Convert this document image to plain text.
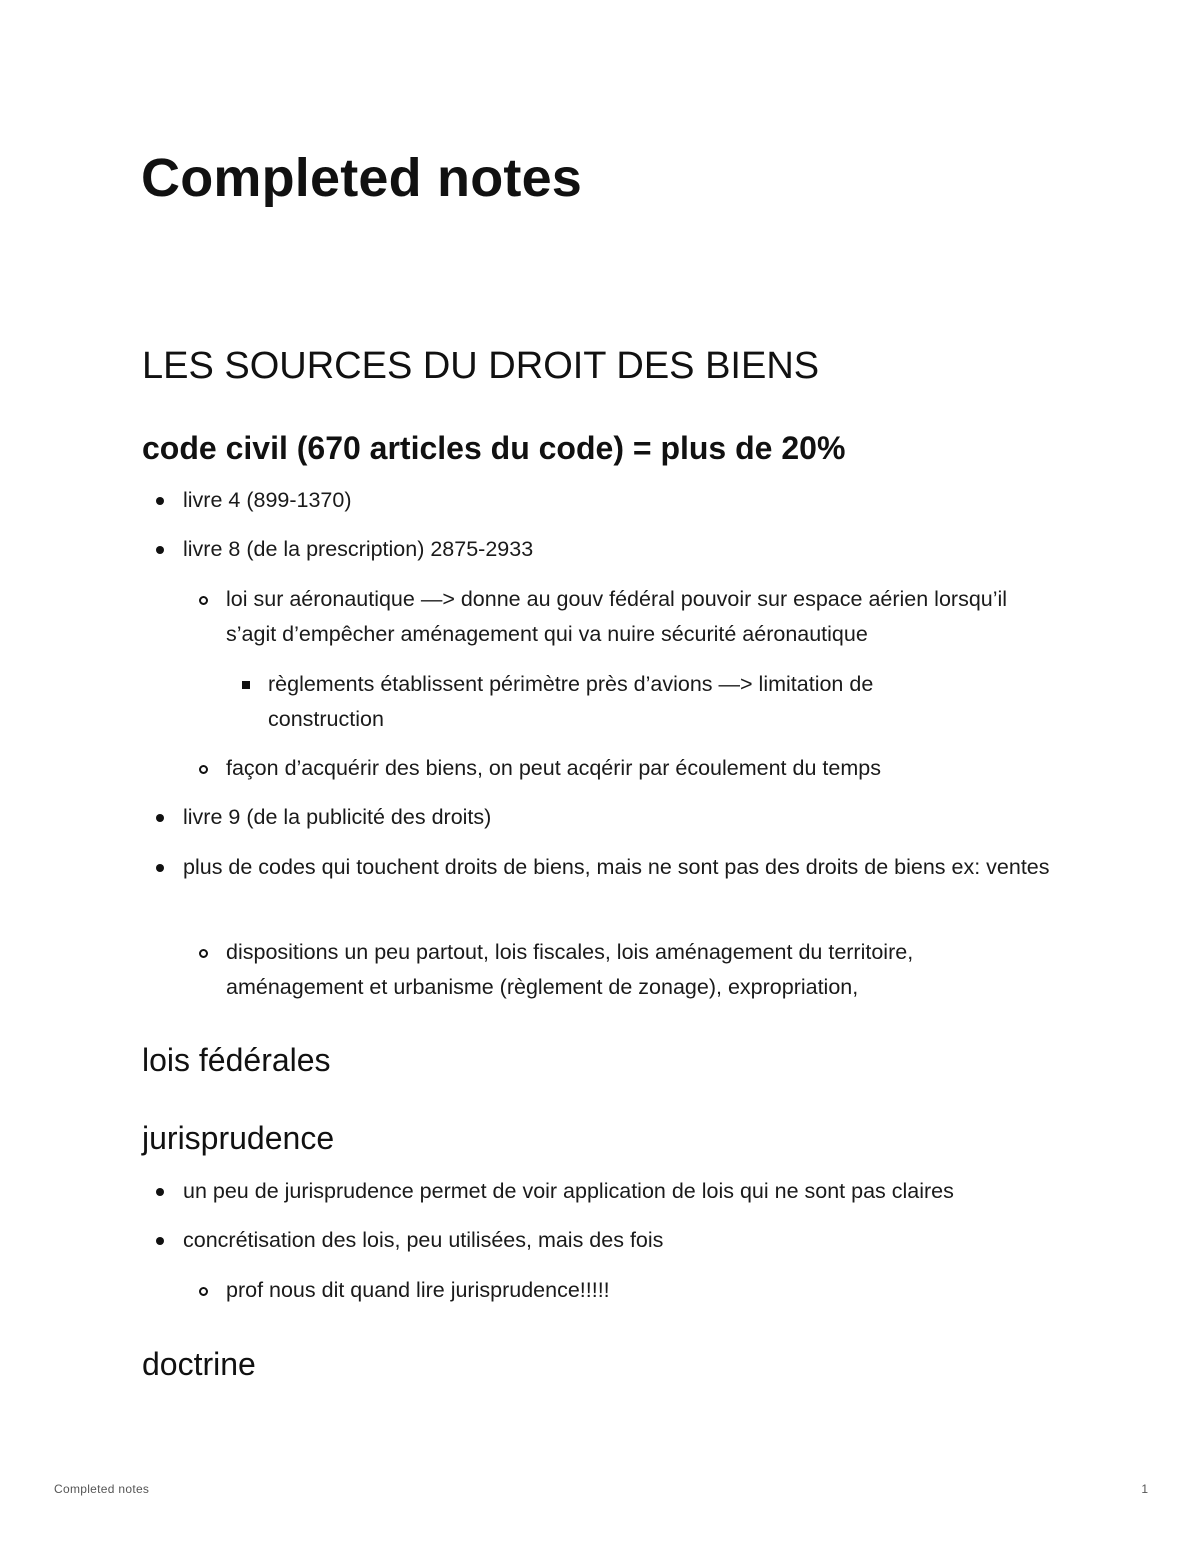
Completed notes
LES SOURCES DU DROIT DES BIENS
code civil (670 articles du code) = plus de 20%

livre 4 (899-1370)

livre 8 (de la prescription) 2875-2933

loi sur aéronautique —> donne au gouv fédéral pouvoir sur espace aérien lorsqu’il s’agit d’empêcher aménagement qui va nuire sécurité aéronautique

règlements établissent périmètre près d’avions —> limitation de construction

façon d’acquérir des biens, on peut acqérir par écoulement du temps

livre 9 (de la publicité des droits)

plus de codes qui touchent droits de biens, mais ne sont pas des droits de biens ex: ventes

dispositions un peu partout, lois fiscales, lois aménagement du territoire, aménagement et urbanisme (règlement de zonage), expropriation,

lois fédérales
jurisprudence

un peu de jurisprudence permet de voir application de lois qui ne sont pas claires

concrétisation des lois, peu utilisées, mais des fois

prof nous dit quand lire jurisprudence!!!!!

doctrine
Completed notes	1
